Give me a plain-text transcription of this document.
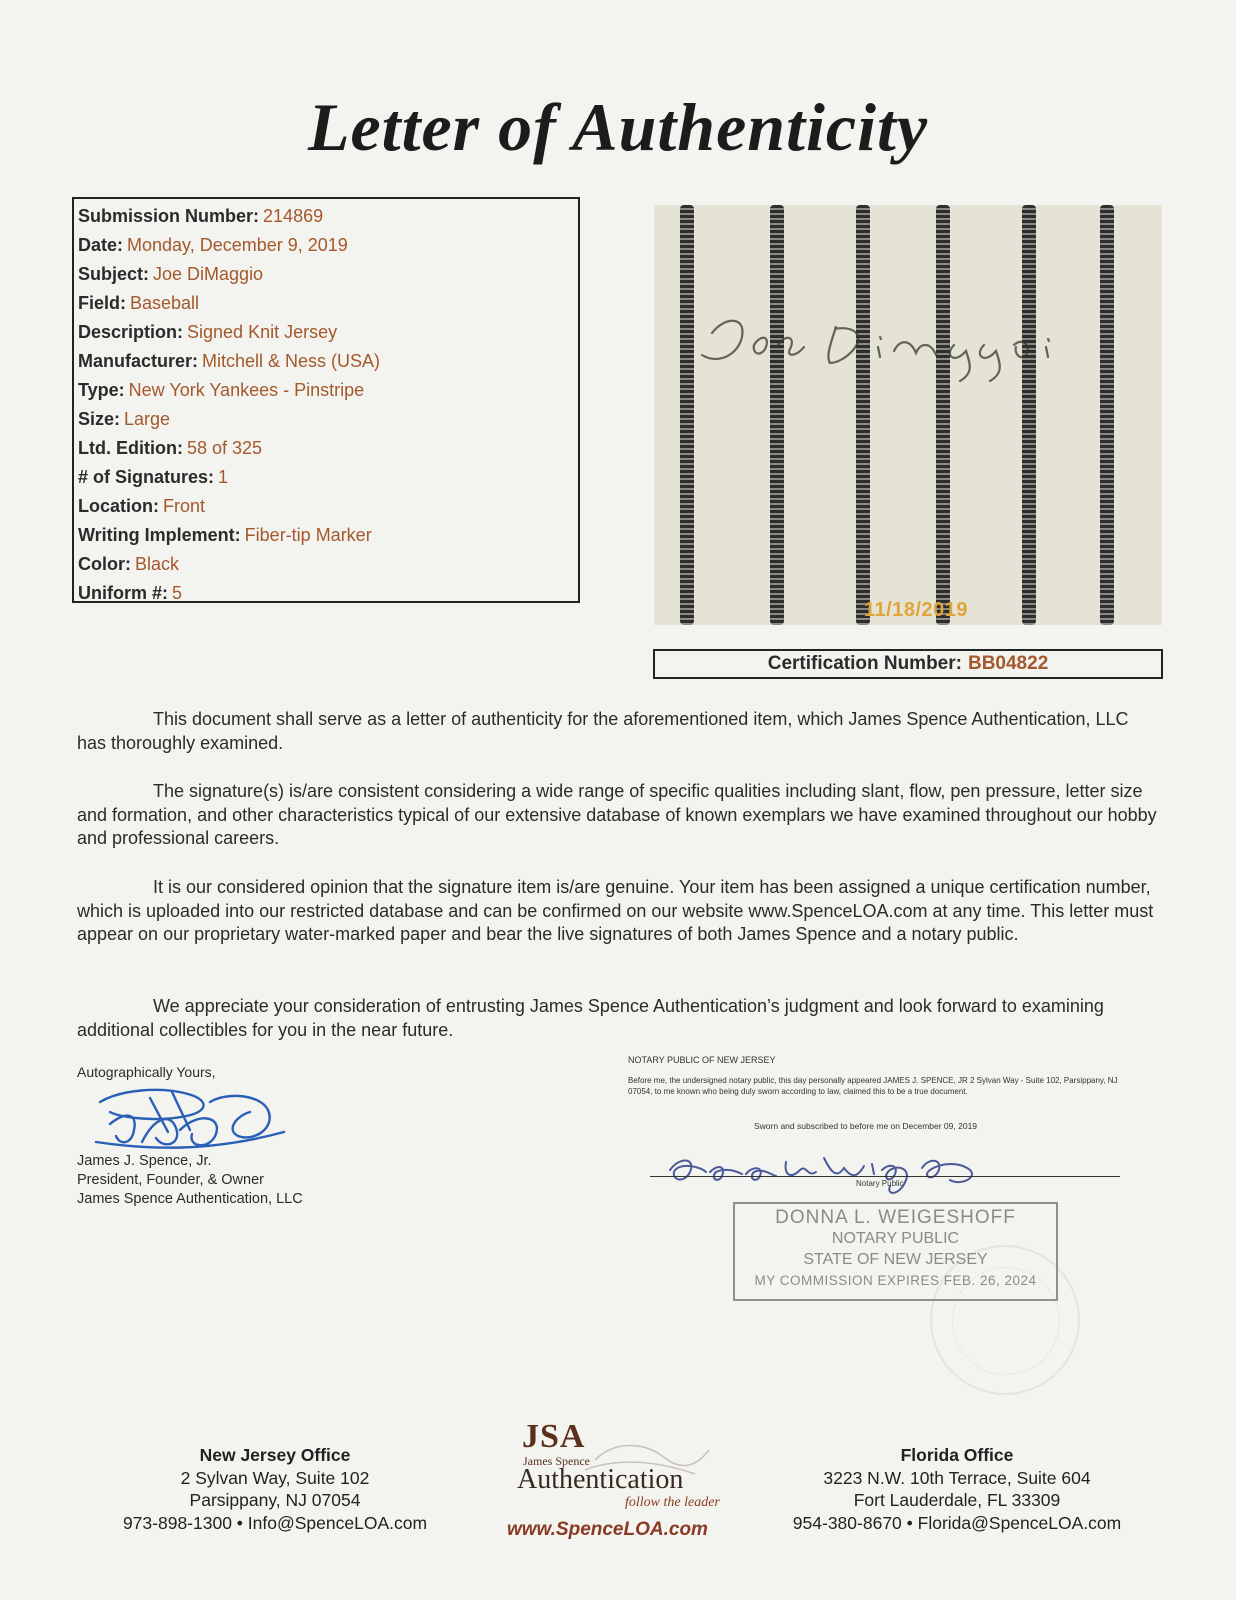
Letter of Authenticity
Submission Number: 214869
Date: Monday, December 9, 2019
Subject: Joe DiMaggio
Field: Baseball
Description: Signed Knit Jersey
Manufacturer: Mitchell & Ness (USA)
Type: New York Yankees - Pinstripe
Size: Large
Ltd. Edition: 58 of 325
# of Signatures: 1
Location: Front
Writing Implement: Fiber-tip Marker
Color: Black
Uniform #: 5
11/18/2019
Certification Number: BB04822
This document shall serve as a letter of authenticity for the aforementioned item, which James Spence Authentication, LLC has thoroughly examined.
The signature(s) is/are consistent considering a wide range of specific qualities including slant, flow, pen pressure, letter size and formation, and other characteristics typical of our extensive database of known exemplars we have examined throughout our hobby and professional careers.
It is our considered opinion that the signature item is/are genuine. Your item has been assigned a unique certification number, which is uploaded into our restricted database and can be confirmed on our website www.SpenceLOA.com at any time. This letter must appear on our proprietary water-marked paper and bear the live signatures of both James Spence and a notary public.
We appreciate your consideration of entrusting James Spence Authentication’s judgment and look forward to examining additional collectibles for you in the near future.
Autographically Yours,
James J. Spence, Jr.
President, Founder, & Owner
James Spence Authentication, LLC
NOTARY PUBLIC OF NEW JERSEY
Before me, the undersigned notary public, this day personally appeared JAMES J. SPENCE, JR 2 Sylvan Way - Suite 102, Parsippany, NJ 07054, to me known who being duly sworn according to law, claimed this to be a true document.
Sworn and subscribed to before me on December 09, 2019
Notary Public
DONNA L. WEIGESHOFF
NOTARY PUBLIC
STATE OF NEW JERSEY
MY COMMISSION EXPIRES FEB. 26, 2024
New Jersey Office
2 Sylvan Way, Suite 102
Parsippany, NJ 07054
973-898-1300 • Info@SpenceLOA.com
JSA
James Spence
Authentication
follow the leader
www.SpenceLOA.com
Florida Office
3223 N.W. 10th Terrace, Suite 604
Fort Lauderdale, FL 33309
954-380-8670 • Florida@SpenceLOA.com
